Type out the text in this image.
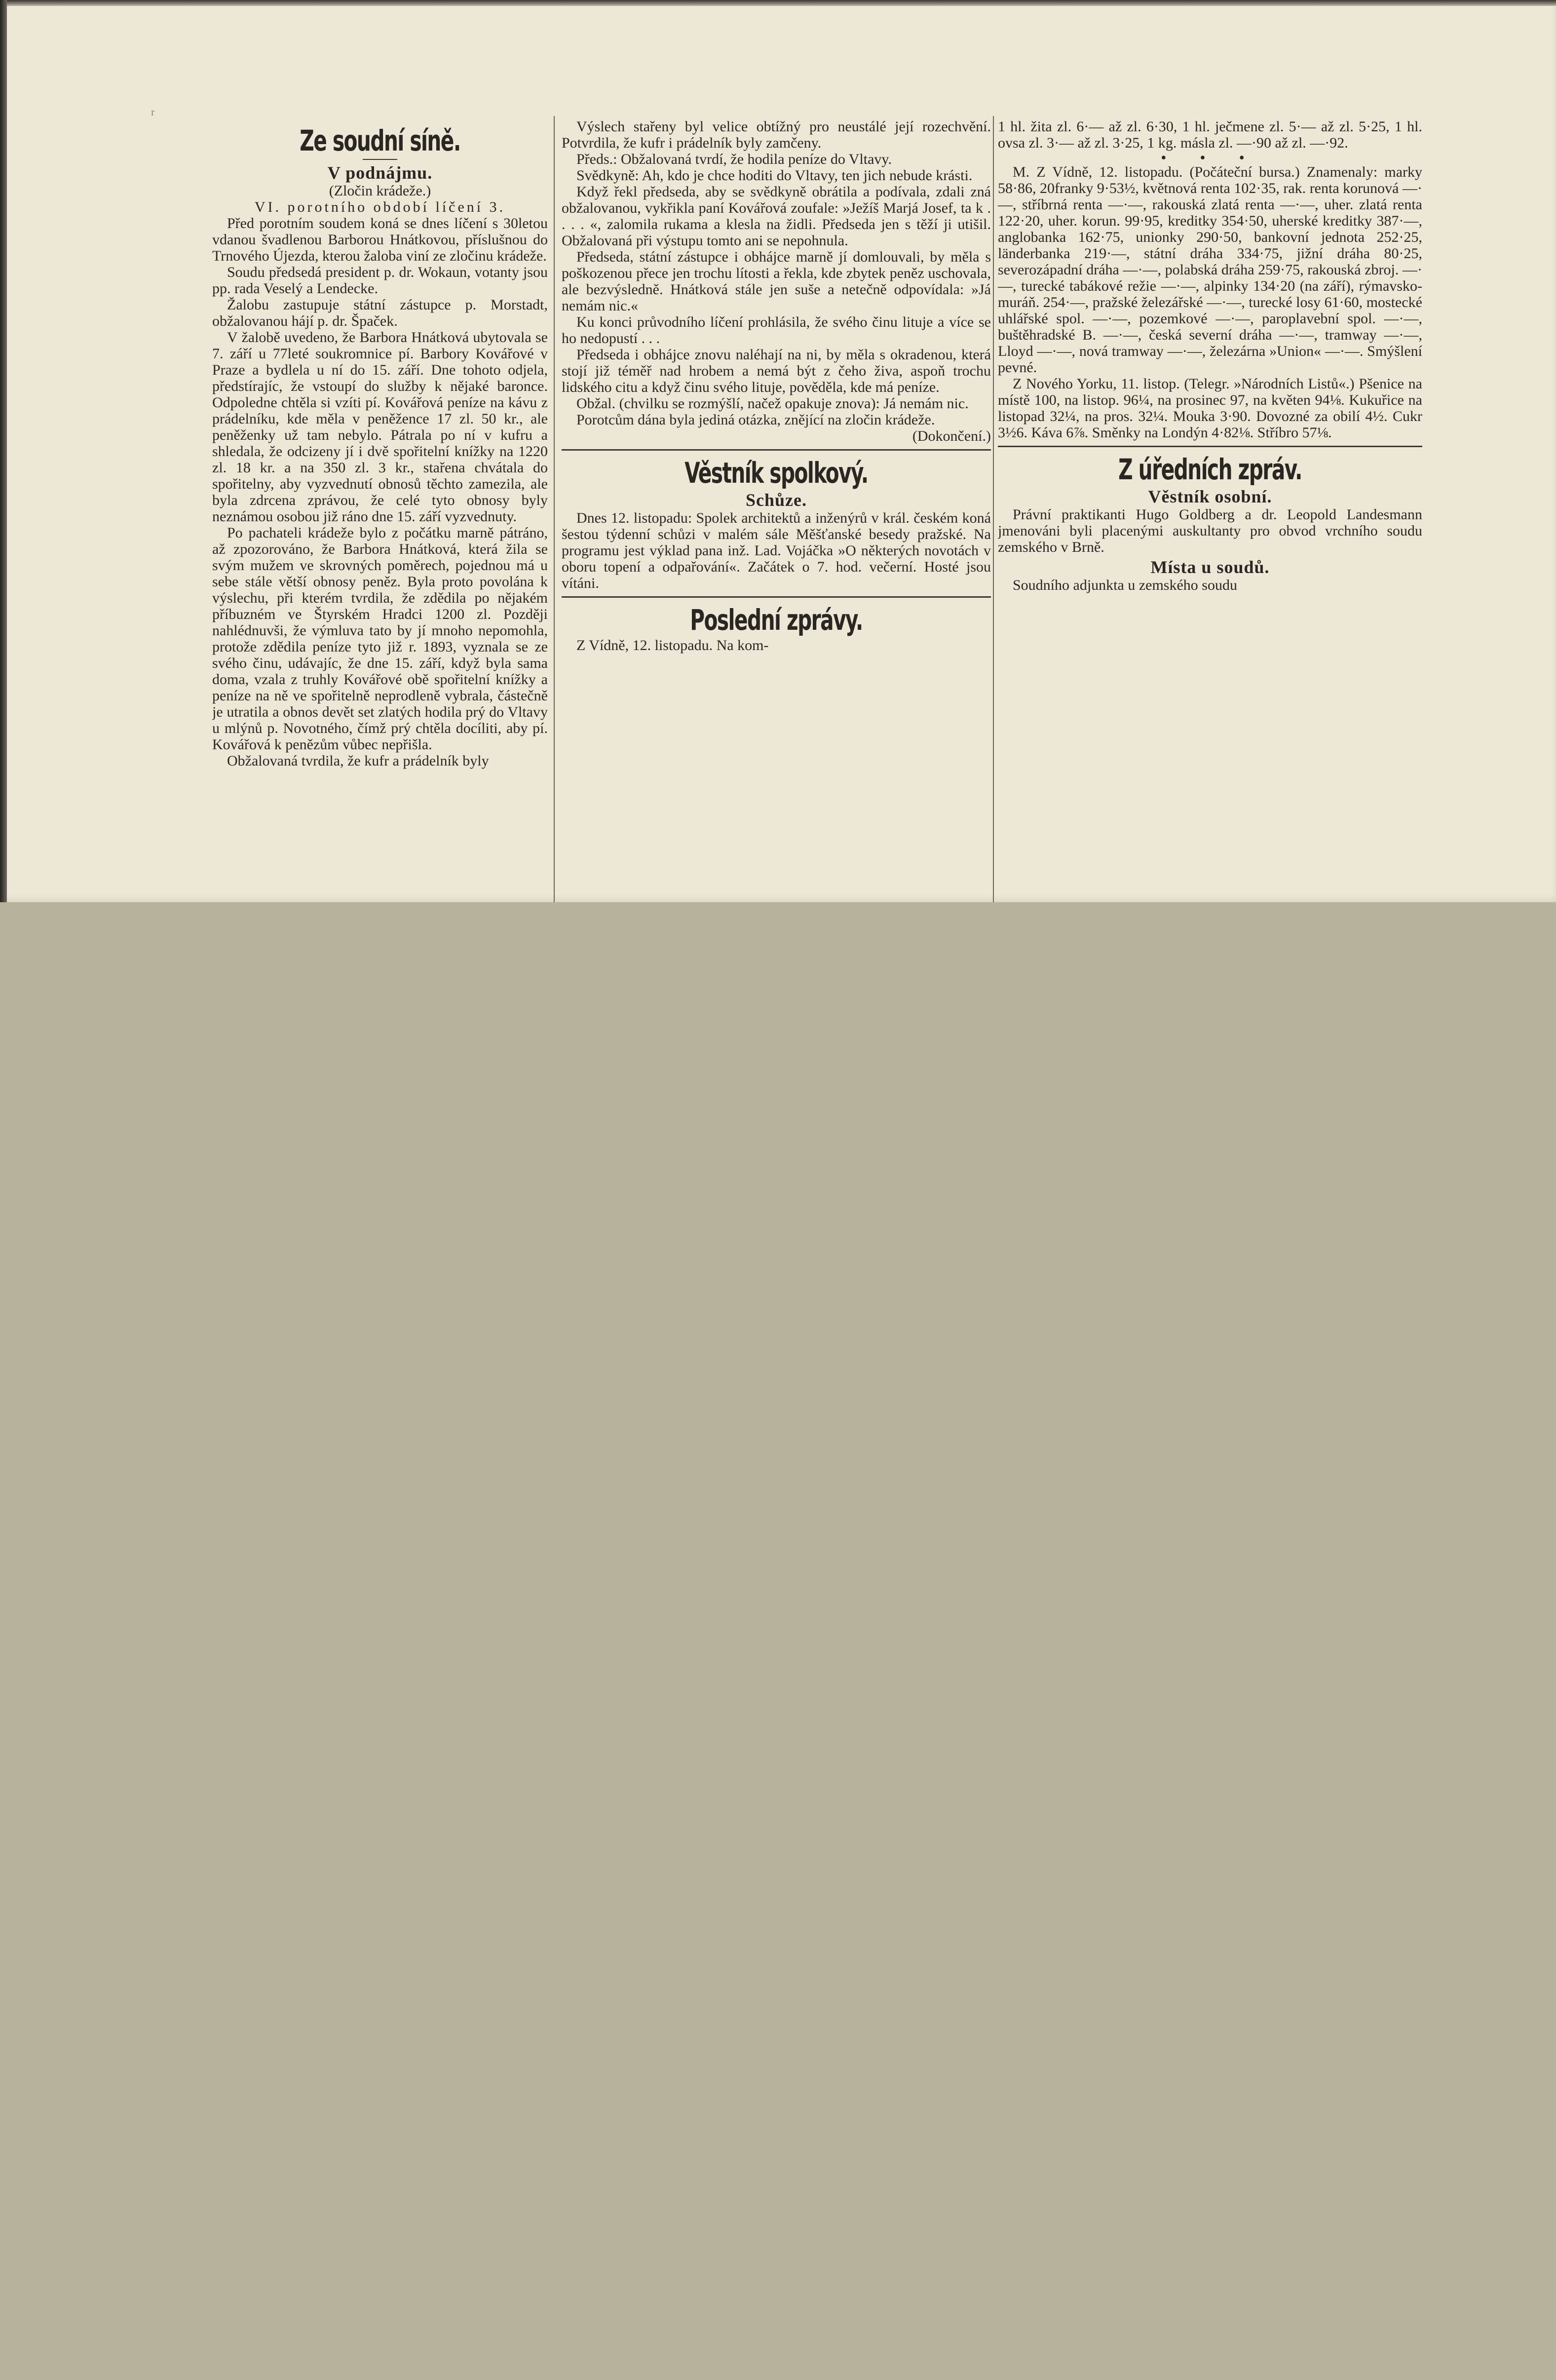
r
Ze soudní síně.
V podnájmu.

(Zločin krádeže.)

VI. porotního období líčení 3.

Před porotním soudem koná se dnes líčení s 30letou vdanou švadlenou Barborou Hnátkovou, příslušnou do Trnového Újezda, kterou žaloba viní ze zločinu krádeže.

Soudu předsedá president p. dr. Wokaun, votanty jsou pp. rada Veselý a Lendecke.

Žalobu zastupuje státní zástupce p. Morstadt, obžalovanou hájí p. dr. Špaček.

V žalobě uvedeno, že Barbora Hnátková ubytovala se 7. září u 77leté soukromnice pí. Barbory Kovářové v Praze a bydlela u ní do 15. září. Dne tohoto odjela, předstírajíc, že vstoupí do služby k nějaké baronce. Odpoledne chtěla si vzíti pí. Kovářová peníze na kávu z prádelníku, kde měla v peněžence 17 zl. 50 kr., ale peněženky už tam nebylo. Pátrala po ní v kufru a shledala, že odcizeny jí i dvě spořitelní knížky na 1220 zl. 18 kr. a na 350 zl. 3 kr., stařena chvátala do spořitelny, aby vyzvednutí obnosů těchto zamezila, ale byla zdrcena zprávou, že celé tyto obnosy byly neznámou osobou již ráno dne 15. září vyzvednuty.

Po pachateli krádeže bylo z počátku marně pátráno, až zpozorováno, že Barbora Hnátková, která žila se svým mužem ve skrovných poměrech, pojednou má u sebe stále větší obnosy peněz. Byla proto povolána k výslechu, při kterém tvrdila, že zdědila po nějakém příbuzném ve Štyrském Hradci 1200 zl. Později nahlédnuvši, že výmluva tato by jí mnoho nepomohla, protože zdědila peníze tyto již r. 1893, vyznala se ze svého činu, udávajíc, že dne 15. září, když byla sama doma, vzala z truhly Kovářové obě spořitelní knížky a peníze na ně ve spořitelně neprodleně vybrala, částečně je utratila a obnos devět set zlatých hodila prý do Vltavy u mlýnů p. Novotného, čímž prý chtěla docíliti, aby pí. Kovářová k penězům vůbec nepřišla.

Obžalovaná tvrdila, že kufr a prádelník byly

Výslech stařeny byl velice obtížný pro neustálé její rozechvění. Potvrdila, že kufr i prádelník byly zamčeny.

Předs.: Obžalovaná tvrdí, že hodila peníze do Vltavy.

Svědkyně: Ah, kdo je chce hoditi do Vltavy, ten jich nebude krásti.

Když řekl předseda, aby se svědkyně obrátila a podívala, zdali zná obžalovanou, vykřikla paní Kovářová zoufale: »Ježíš Marjá Josef, ta k . . . . «, zalomila rukama a klesla na židli. Předseda jen s těží ji utišil. Obžalovaná při výstupu tomto ani se nepohnula.

Předseda, státní zástupce i obhájce marně jí domlouvali, by měla s poškozenou přece jen trochu lítosti a řekla, kde zbytek peněz uschovala, ale bezvýsledně. Hnátková stále jen suše a netečně odpovídala: »Já nemám nic.«

Ku konci průvodního líčení prohlásila, že svého činu lituje a více se ho nedopustí . . .

Předseda i obhájce znovu naléhají na ni, by měla s okradenou, která stojí již téměř nad hrobem a nemá být z čeho živa, aspoň trochu lidského citu a když činu svého lituje, pověděla, kde má peníze.

Obžal. (chvilku se rozmýšlí, načež opakuje znova): Já nemám nic.

Porotcům dána byla jediná otázka, znějící na zločin krádeže.

(Dokončení.)

Věstník spolkový.
Schůze.

Dnes 12. listopadu: Spolek architektů a inženýrů v král. českém koná šestou týdenní schůzi v malém sále Měšťanské besedy pražské. Na programu jest výklad pana inž. Lad. Vojáčka »O některých novotách v oboru topení a odpařování«. Začátek o 7. hod. večerní. Hosté jsou vítáni.

Poslední zprávy.

Z Vídně, 12. listopadu. Na kom-

1 hl. žita zl. 6·— až zl. 6·30, 1 hl. ječmene zl. 5·— až zl. 5·25, 1 hl. ovsa zl. 3·— až zl. 3·25, 1 kg. másla zl. —·90 až zl. —·92.

• • •

M. Z Vídně, 12. listopadu. (Počáteční bursa.) Znamenaly: marky 58·86, 20franky 9·53½, květnová renta 102·35, rak. renta korunová —·—, stříbrná renta —·—, rakouská zlatá renta —·—, uher. zlatá renta 122·20, uher. korun. 99·95, kreditky 354·50, uherské kreditky 387·—, anglobanka 162·75, unionky 290·50, bankovní jednota 252·25, länderbanka 219·—, státní dráha 334·75, jižní dráha 80·25, severozápadní dráha —·—, polabská dráha 259·75, rakouská zbroj. —·—, turecké tabákové režie —·—, alpinky 134·20 (na září), rýmavsko-muráň. 254·—, pražské železářské —·—, turecké losy 61·60, mostecké uhlářské spol. —·—, pozemkové —·—, paroplavební spol. —·—, buštěhradské B. —·—, česká severní dráha —·—, tramway —·—, Lloyd —·—, nová tramway —·—, železárna »Union« —·—. Smýšlení pevné.

Z Nového Yorku, 11. listop. (Telegr. »Národních Listů«.) Pšenice na místě 100, na listop. 96¼, na prosinec 97, na květen 94⅛. Kukuřice na listopad 32¼, na pros. 32¼. Mouka 3·90. Dovozné za obilí 4½. Cukr 3½6. Káva 6⅞. Směnky na Londýn 4·82⅛. Stříbro 57⅛.

Z úředních zpráv.
Věstník osobní.

Právní praktikanti Hugo Goldberg a dr. Leopold Landesmann jmenováni byli placenými auskultanty pro obvod vrchního soudu zemského v Brně.

Místa u soudů.

Soudního adjunkta u zemského soudu
